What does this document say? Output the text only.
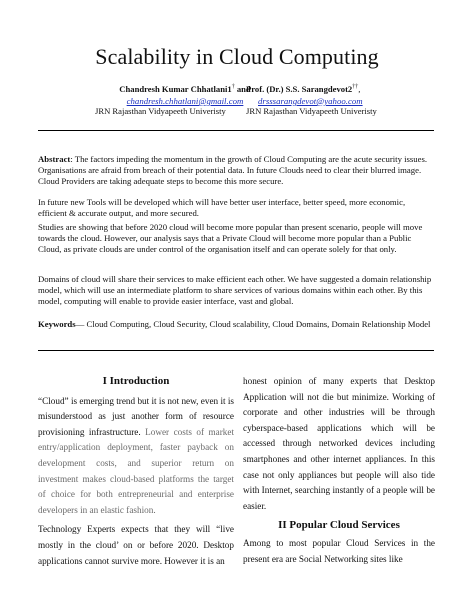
Scalability in Cloud Computing
Chandresh Kumar Chhatlani1† and
chandresh.chhatlani@gmail.com
Prof. (Dr.) S.S. Sarangdevot2††,
drsssarangdevot@yahoo.com
JRN Rajasthan Vidyapeeth Univeristy JRN Rajasthan Vidyapeeth Univeristy
Abstract: The factors impeding the momentum in the growth of Cloud Computing are the acute security issues. Organisations are afraid from breach of their potential data. In future Clouds need to clear their blurred image. Cloud Providers are taking adequate steps to become this more secure.
In future new Tools will be developed which will have better user interface, better speed, more economic, efficient & accurate output, and more secured.
Studies are showing that before 2020 cloud will become more popular than present scenario, people will move towards the cloud. However, our analysis says that a Private Cloud will become more popular than a Public Cloud, as private clouds are under control of the organisation itself and can operate solely for that only.
Domains of cloud will share their services to make efficient each other. We have suggested a domain relationship model, which will use an intermediate platform to share services of various domains within each other. By this model, computing will enable to provide easier interface, vast and global.
Keywords— Cloud Computing, Cloud Security, Cloud scalability, Cloud Domains, Domain Relationship Model
I Introduction
“Cloud” is emerging trend but it is not new, even it is misunderstood as just another form of resource provisioning infrastructure. Lower costs of market entry/application deployment, faster payback on development costs, and superior return on investment makes cloud-based platforms the target of choice for both entrepreneurial and enterprise developers in an elastic fashion.
Technology Experts expects that they will “live mostly in the cloud’ on or before 2020. Desktop applications cannot survive more. However it is an
honest opinion of many experts that Desktop Application will not die but minimize. Working of corporate and other industries will be through cyberspace-based applications which will be accessed through networked devices including smartphones and other internet appliances. In this case not only appliances but people will also tide with Internet, searching instantly of a people will be easier.
II Popular Cloud Services
Among to most popular Cloud Services in the present era are Social Networking sites like
